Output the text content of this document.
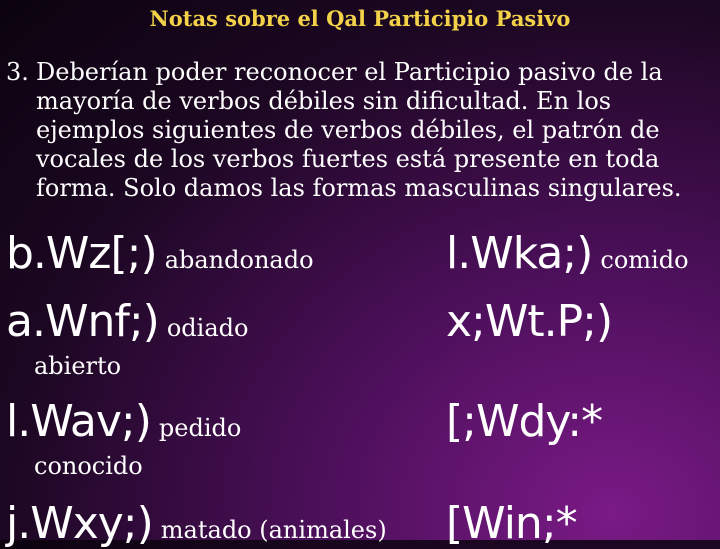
Notas sobre el Qal Participio Pasivo
3. Deberían poder reconocer el Participio pasivo de la
mayoría de verbos débiles sin dificultad. En los
ejemplos siguientes de verbos débiles, el patrón de
vocales de los verbos fuertes está presente en toda
forma. Solo damos las formas masculinas singulares.
b.Wz[;) abandonado
a.Wnf;) odiado
abierto
l.Wav;) pedido
conocido
j.Wxy;) matado (animales)
l.Wka;) comido
x;Wt.P;)
[;Wdy:*
[Win;*
